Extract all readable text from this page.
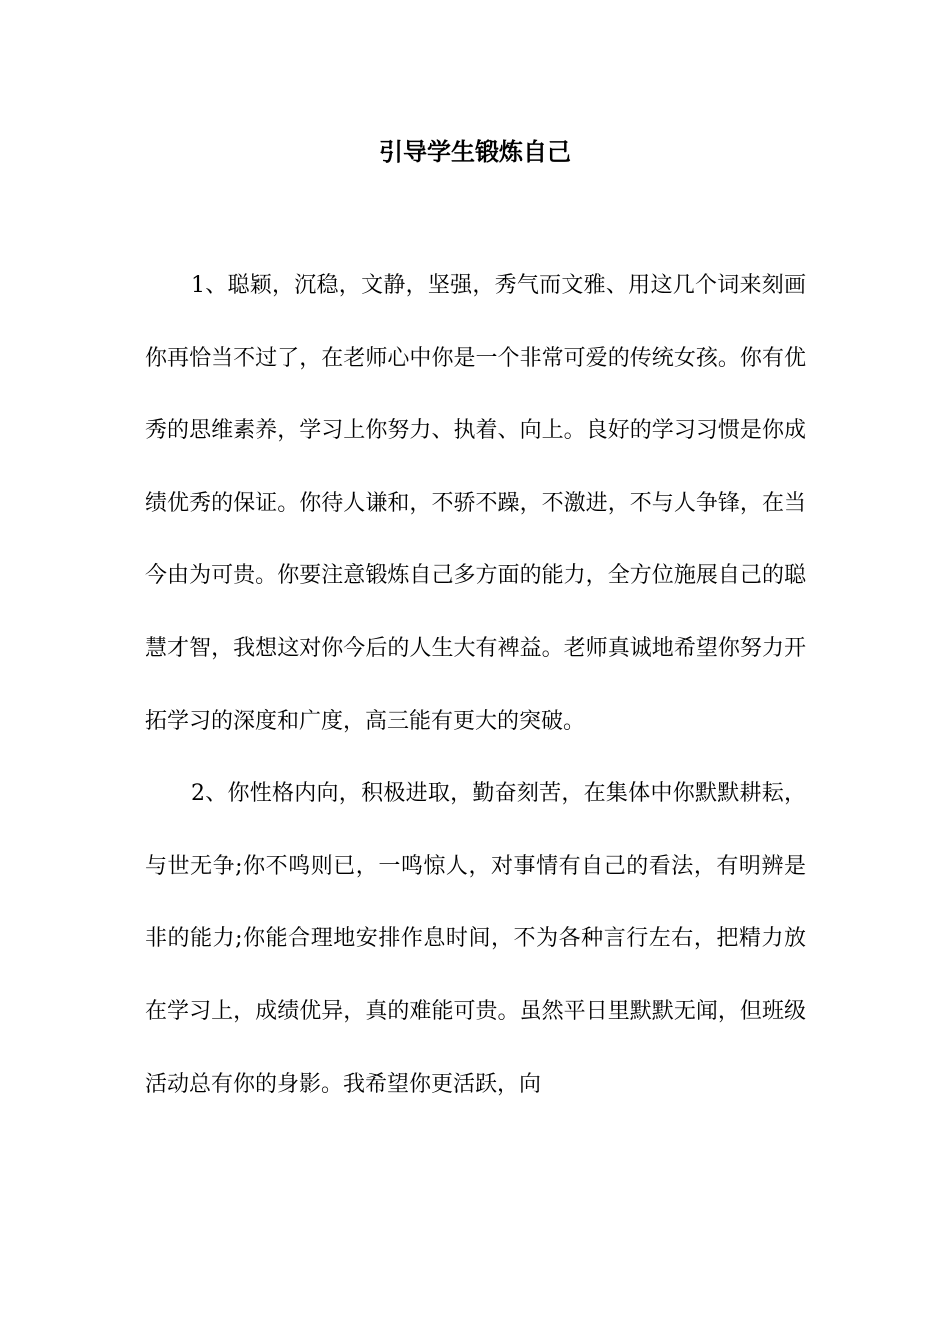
引导学生锻炼自己

1、聪颖，沉稳，文静，坚强，秀气而文雅、用这几个词来刻画你再恰当不过了，在老师心中你是一个非常可爱的传统女孩。你有优秀的思维素养，学习上你努力、执着、向上。良好的学习习惯是你成绩优秀的保证。你待人谦和，不骄不躁，不激进，不与人争锋，在当今由为可贵。你要注意锻炼自己多方面的能力，全方位施展自己的聪慧才智，我想这对你今后的人生大有裨益。老师真诚地希望你努力开拓学习的深度和广度，高三能有更大的突破。

2、你性格内向，积极进取，勤奋刻苦，在集体中你默默耕耘，与世无争;你不鸣则已，一鸣惊人，对事情有自己的看法，有明辨是非的能力;你能合理地安排作息时间，不为各种言行左右，把精力放在学习上，成绩优异，真的难能可贵。虽然平日里默默无闻，但班级活动总有你的身影。我希望你更活跃，向
